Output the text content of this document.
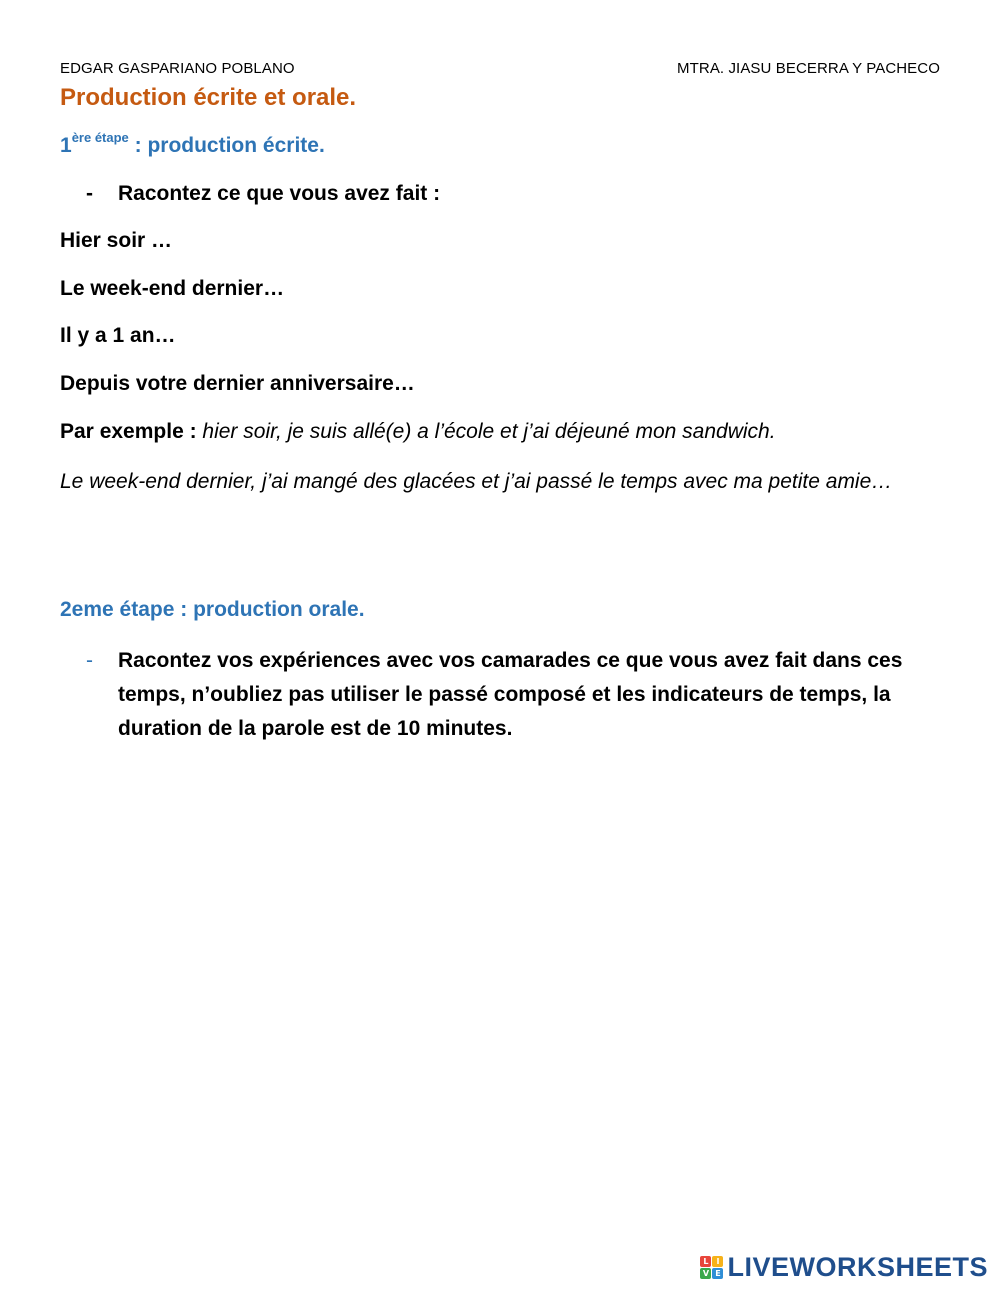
EDGAR GASPARIANO POBLANO	MTRA. JIASU BECERRA Y PACHECO
Production écrite et orale.
$1^{ère étape}$ : production écrite.
- Racontez ce que vous avez fait :
Hier soir …
Le week-end dernier…
Il y a 1 an…
Depuis votre dernier anniversaire…
Par exemple : hier soir, je suis allé(e) a l’école et j’ai déjeuné mon sandwich.
Le week-end dernier, j’ai mangé des glacées et j’ai passé le temps avec ma petite amie…
2eme étape : production orale.
- Racontez vos expériences avec vos camarades ce que vous avez fait dans ces temps, n’oubliez pas utiliser le passé composé et les indicateurs de temps, la duration de la parole est de 10 minutes.
L I
V E LIVEWORKSHEETS
